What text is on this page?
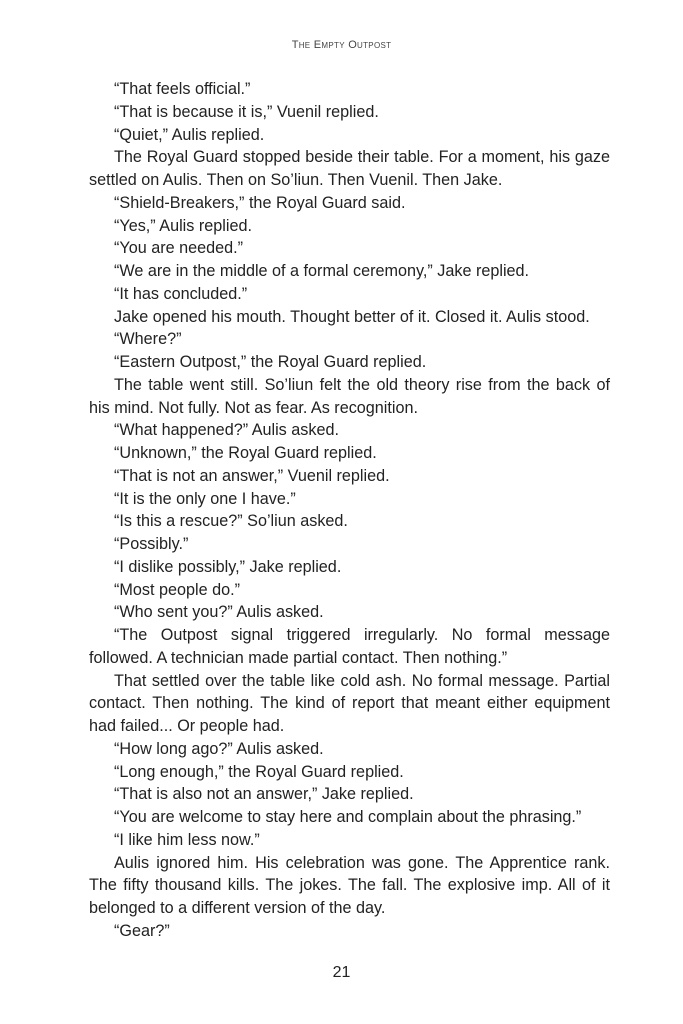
The Empty Outpost

“That feels official.”

“That is because it is,” Vuenil replied.

“Quiet,” Aulis replied.

The Royal Guard stopped beside their table. For a moment, his gaze settled on Aulis. Then on So’liun. Then Vuenil. Then Jake.

“Shield-Breakers,” the Royal Guard said.

“Yes,” Aulis replied.

“You are needed.”

“We are in the middle of a formal ceremony,” Jake replied.

“It has concluded.”

Jake opened his mouth. Thought better of it. Closed it. Aulis stood.

“Where?”

“Eastern Outpost,” the Royal Guard replied.

The table went still. So’liun felt the old theory rise from the back of his mind. Not fully. Not as fear. As recognition.

“What happened?” Aulis asked.

“Unknown,” the Royal Guard replied.

“That is not an answer,” Vuenil replied.

“It is the only one I have.”

“Is this a rescue?” So’liun asked.

“Possibly.”

“I dislike possibly,” Jake replied.

“Most people do.”

“Who sent you?” Aulis asked.

“The Outpost signal triggered irregularly. No formal message followed. A technician made partial contact. Then nothing.”

That settled over the table like cold ash. No formal message. Partial contact. Then nothing. The kind of report that meant either equipment had failed... Or people had.

“How long ago?” Aulis asked.

“Long enough,” the Royal Guard replied.

“That is also not an answer,” Jake replied.

“You are welcome to stay here and complain about the phrasing.”

“I like him less now.”

Aulis ignored him. His celebration was gone. The Apprentice rank. The fifty thousand kills. The jokes. The fall. The explosive imp. All of it belonged to a different version of the day.

“Gear?”

21
